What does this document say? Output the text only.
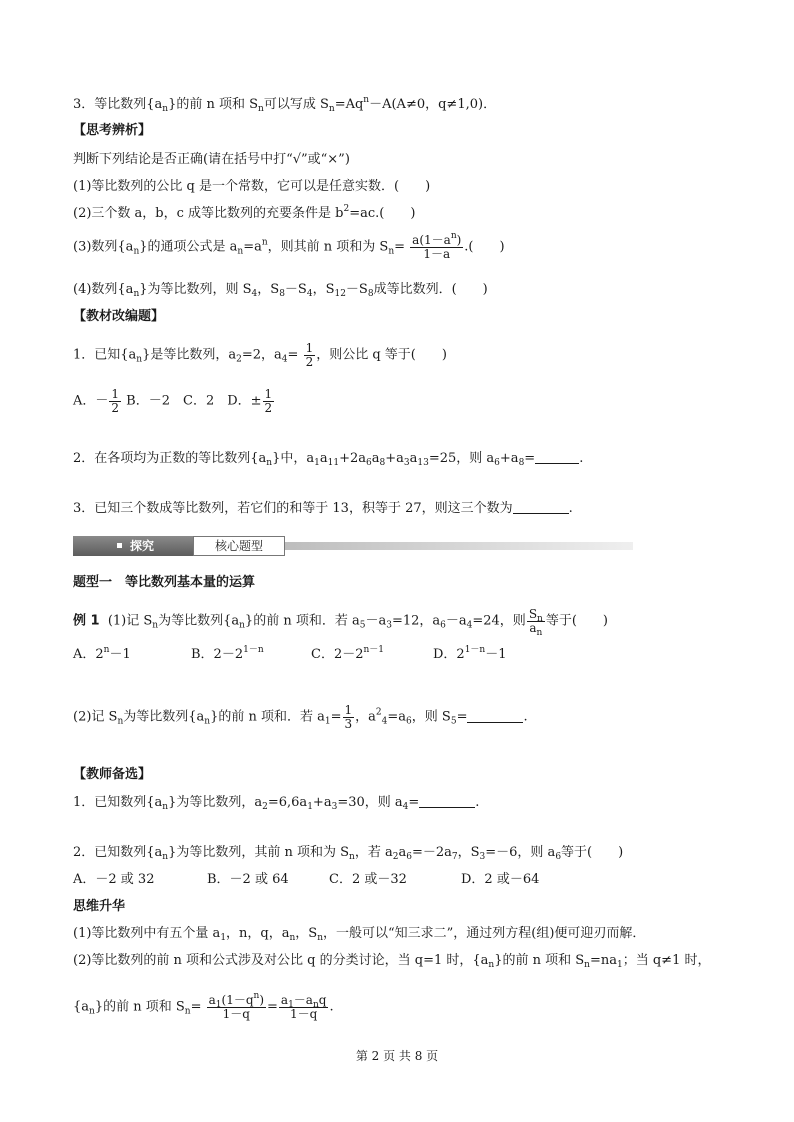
3．等比数列$\{a_n\}$的前 n 项和 $S_n$可以写成 $S_n=Aq^n-A(A\ne 0$，q≠1,0)．
【思考辨析】
判断下列结论是否正确(请在括号中打“√”或“×”)
(1)等比数列的公比 q 是一个常数，它可以是任意实数．(　　)
(2)三个数 a，b，c 成等比数列的充要条件是 $b^2=ac$.(　　)
(3)数列$\{a_n\}$的通项公式是 $a_n=a^n$，则其前 n 项和为 $S_n= \frac{a(1-a^n)}{1-a}$ .(　　)
(4)数列$\{a_n\}$为等比数列，则 $S_4$，$S_8-S_4$，$S_{12}-S_8$成等比数列．(　　)
【教材改编题】
1．已知$\{a_n\}$是等比数列，$a_2=2$，$a_4= \frac{1}{2}$ ，则公比 q 等于(　　)
A．－ $\frac{1}{2}$ B．－2　C．2　D．± $\frac{1}{2}$
2．在各项均为正数的等比数列$\{a_n\}$中，$a_1a_{11}+2a_6a_8+a_3a_{13}=25$，则 $a_6+a_8=$	.
3．已知三个数成等比数列，若它们的和等于 13，积等于 27，则这三个数为	.
探究	核心题型
题型一　等比数列基本量的运算
例 1 (1)记 $S_n$为等比数列$\{a_n\}$的前 n 项和．若 $a_5-a_3=12$，$a_6-a_4=24$，则 $\frac{S_n}{a_n}$ 等于(　　)
A．$2^n-1$	B．$2-2^{1-n}$	C．$2-2^{n-1}$	D．$2^{1-n}-1$
(2)记 $S_n$为等比数列$\{a_n\}$的前 n 项和．若 $a_1= \frac{1}{3}$ ，$a^2_4=a_6$，则 $S_5=$	.
【教师备选】
1．已知数列$\{a_n\}$为等比数列，$a_2=6,6a_1+a_3=30$，则 $a_4=$	.
2．已知数列$\{a_n\}$为等比数列，其前 n 项和为 $S_n$，若 $a_2a_6=-2a_7$，$S_3=-6$，则 $a_6$等于(　　)
A．－2 或 32	B．－2 或 64	C．2 或－32	D．2 或－64
思维升华
(1)等比数列中有五个量 $a_1$，n，q，$a_n$，$S_n$，一般可以“知三求二”，通过列方程(组)便可迎刃而解．
(2)等比数列的前 n 项和公式涉及对公比 q 的分类讨论，当 q=1 时，$\{a_n\}$的前 n 项和 $S_n=na_1$；当 q≠1 时，
$\{a_n\}$的前 n 项和 $S_n= \frac{a_1(1-q^n)}{1-q} = \frac{a_1-a_nq}{1-q}$ .
第 2 页 共 8 页
